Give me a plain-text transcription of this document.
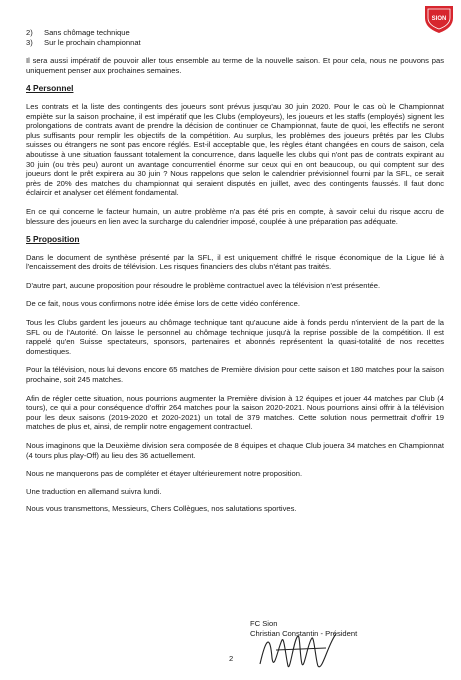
SION
2)	Sans chômage technique
3)	Sur le prochain championnat

Il sera aussi impératif de pouvoir aller tous ensemble au terme de la nouvelle saison. Et pour cela, nous ne pouvons pas uniquement penser aux prochaines semaines.

4 Personnel

Les contrats et la liste des contingents des joueurs sont prévus jusqu'au 30 juin 2020. Pour le cas où le Championnat empiète sur la saison prochaine, il est impératif que les Clubs (employeurs), les joueurs et les staffs (employés) signent les prolongations de contrats avant de prendre la décision de continuer ce Championnat, faute de quoi, les effectifs ne seront plus suffisants pour remplir les objectifs de la compétition. Au surplus, les problèmes des joueurs prêtés par les Clubs suisses ou étrangers ne sont pas encore réglés. Est-il acceptable que, les règles étant changées en cours de saison, cela aboutisse à une situation faussant totalement la concurrence, dans laquelle les clubs qui n'ont pas de contrats expirant au 30 juin (ou très peu) auront un avantage concurrentiel énorme sur ceux qui en ont beaucoup, ou qui comptent sur des joueurs dont le prêt expirera au 30 juin ? Nous rappelons que selon le calendrier prévisionnel fourni par la SFL, ce serait près de 20% des matches du championnat qui seraient disputés en juillet, avec des contingents faussés. Il faut donc éclaircir et analyser cet élément fondamental.

En ce qui concerne le facteur humain, un autre problème n'a pas été pris en compte, à savoir celui du risque accru de blessure des joueurs en lien avec la surcharge du calendrier imposé, couplée à une préparation pas adéquate.

5 Proposition

Dans le document de synthèse présenté par la SFL, il est uniquement chiffré le risque économique de la Ligue lié à l'encaissement des droits de télévision. Les risques financiers des clubs n'étant pas traités.

D'autre part, aucune proposition pour résoudre le problème contractuel avec la télévision n'est présentée.

De ce fait, nous vous confirmons notre idée émise lors de cette vidéo conférence.

Tous les Clubs gardent les joueurs au chômage technique tant qu'aucune aide à fonds perdu n'intervient de la part de la SFL ou de l'Autorité. On laisse le personnel au chômage technique jusqu'à la reprise possible de la compétition. Il est rappelé qu'en Suisse spectateurs, sponsors, partenaires et abonnés représentent la quasi-totalité de nos recettes domestiques.

Pour la télévision, nous lui devons encore 65 matches de Première division pour cette saison et 180 matches pour la saison prochaine, soit 245 matches.

Afin de régler cette situation, nous pourrions augmenter la Première division à 12 équipes et jouer 44 matches par Club (4 tours), ce qui a pour conséquence d'offrir 264 matches pour la saison 2020-2021. Nous pourrions ainsi offrir à la télévision pour les deux saisons (2019-2020 et 2020-2021) un total de 379 matches. Cette solution nous permettrait d'offrir 19 matches de plus et, ainsi, de remplir notre engagement contractuel.

Nous imaginons que la Deuxième division sera composée de 8 équipes et chaque Club jouera 34 matches en Championnat (4 tours plus play-Off) au lieu des 36 actuellement.

Nous ne manquerons pas de compléter et étayer ultérieurement notre proposition.

Une traduction en allemand suivra lundi.

Nous vous transmettons, Messieurs, Chers Collègues, nos salutations sportives.

FC Sion
Christian Constantin - Président
2
